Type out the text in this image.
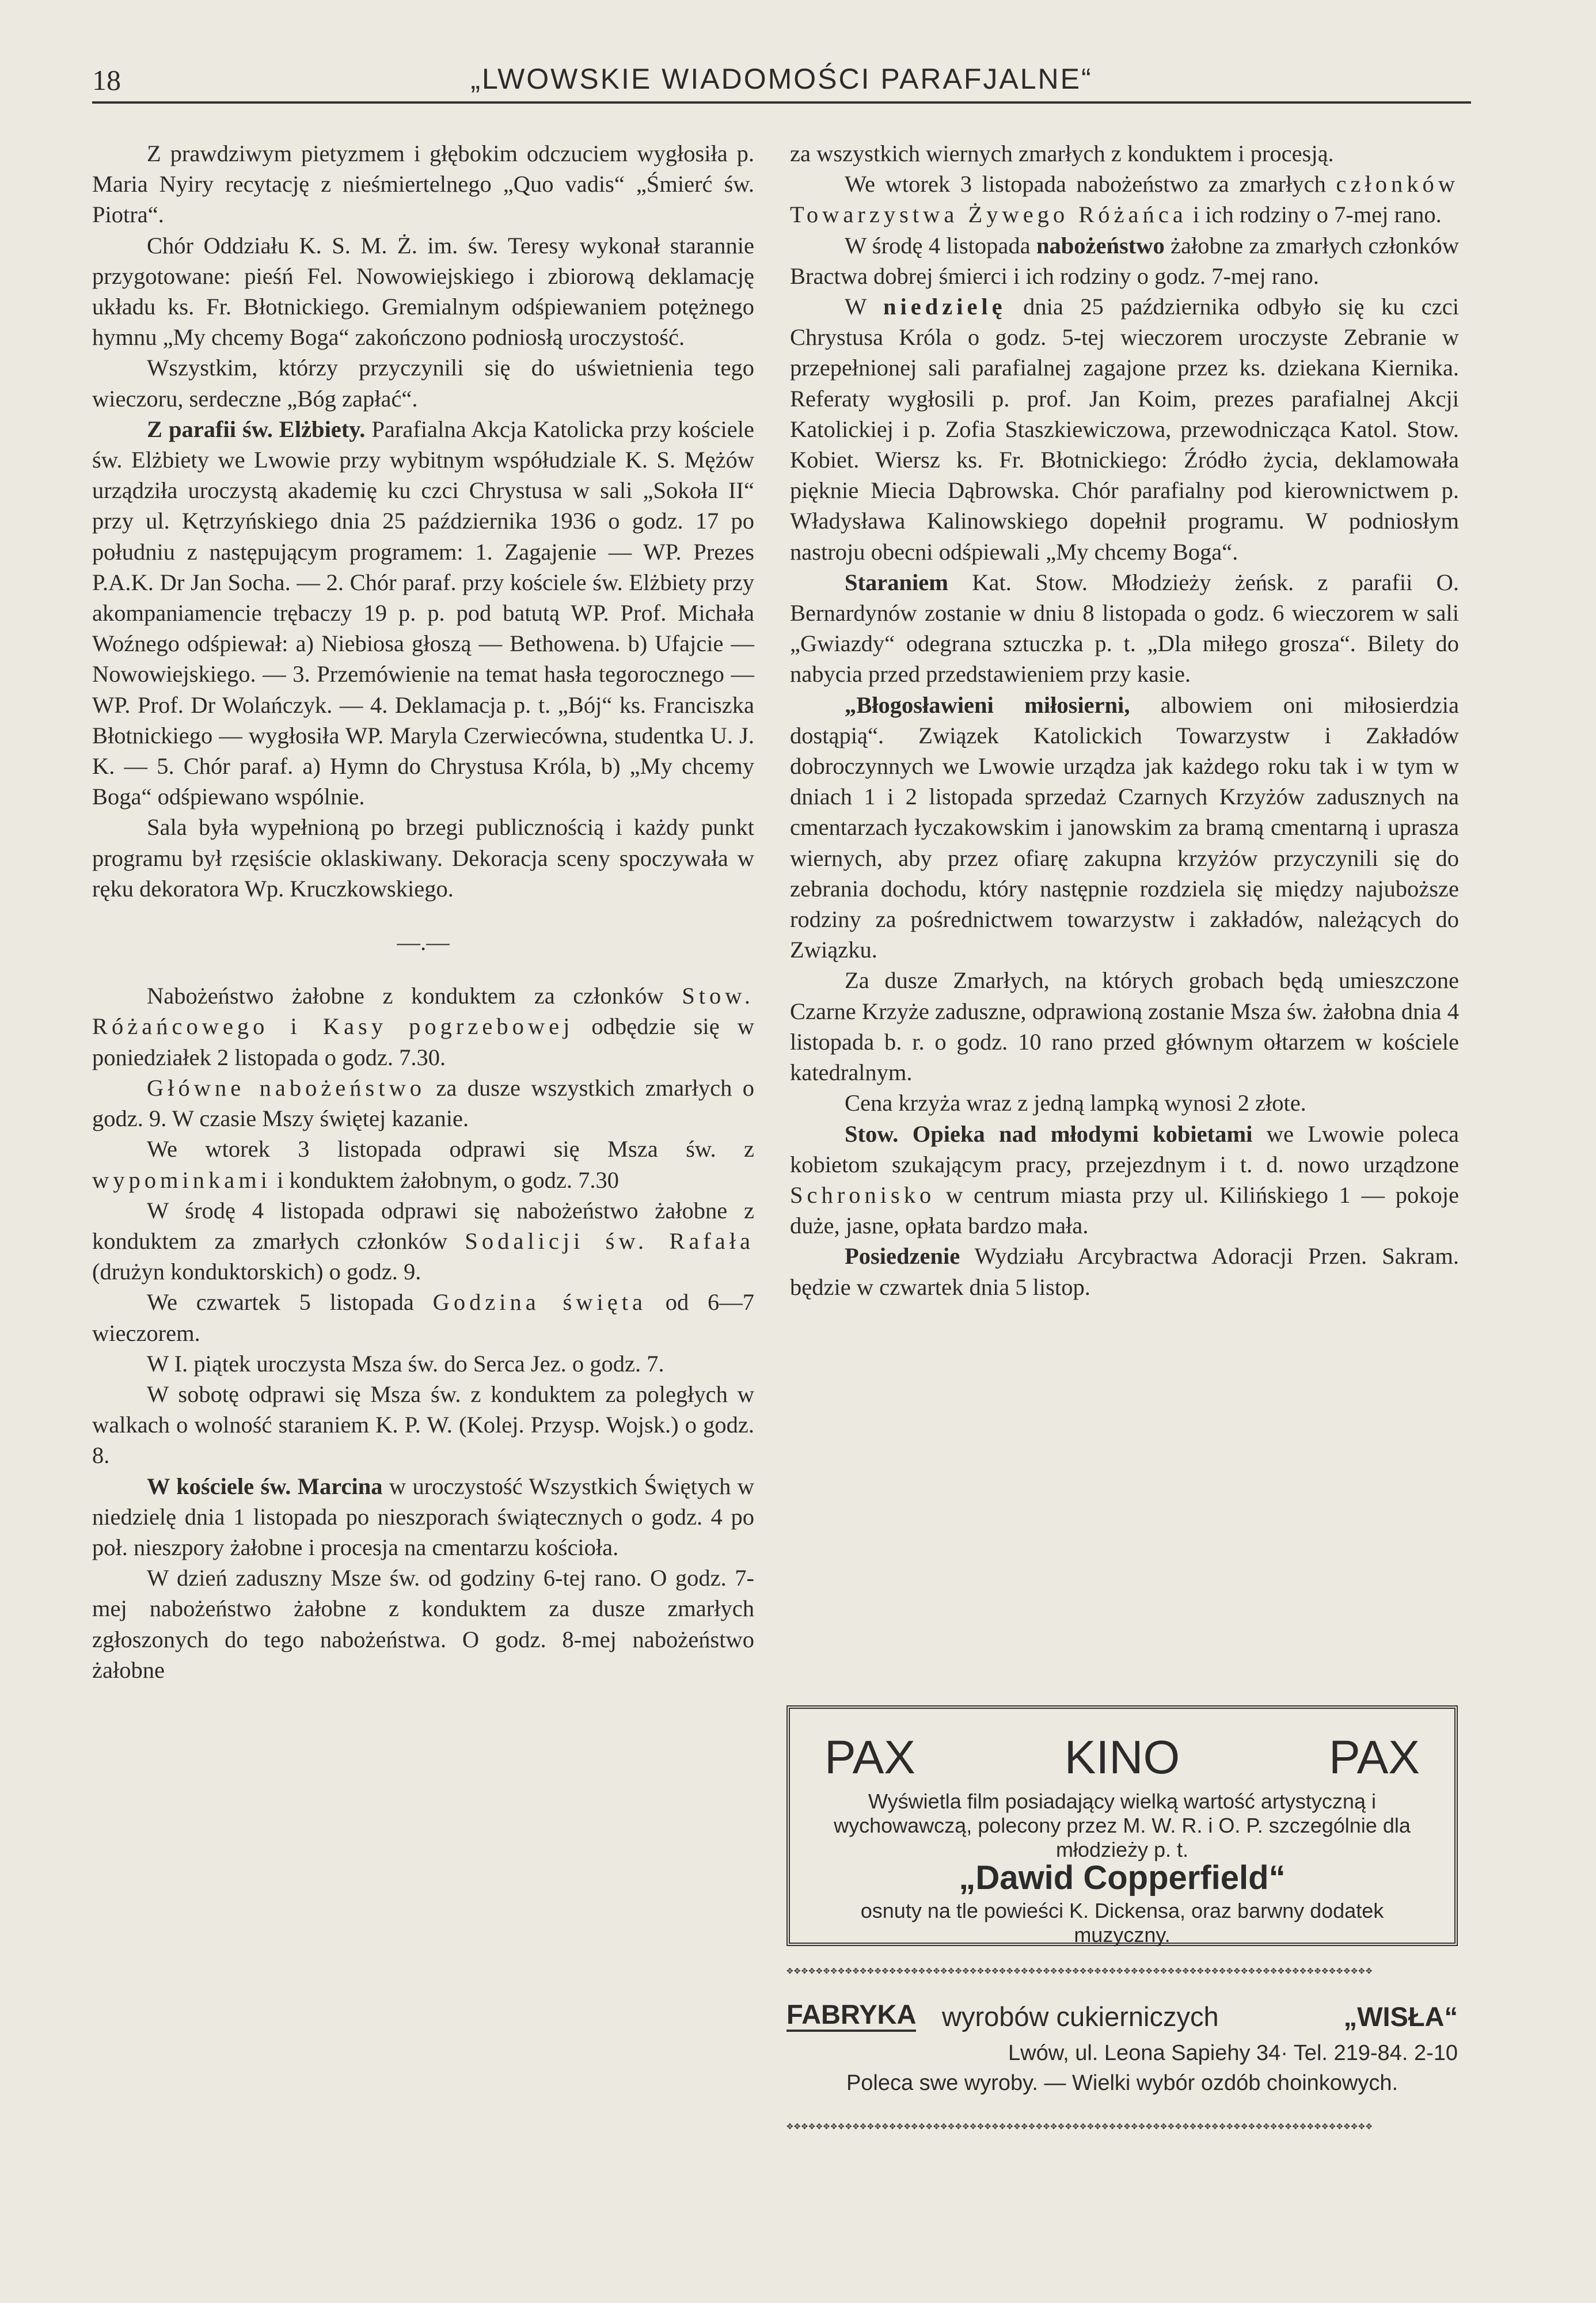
18	„LWOWSKIE WIADOMOŚCI PARAFJALNE“

Z prawdziwym pietyzmem i głębokim odczuciem wygłosiła p. Maria Nyiry recytację z nieśmiertelnego „Quo vadis“ „Śmierć św. Piotra“.

Chór Oddziału K. S. M. Ż. im. św. Teresy wykonał starannie przygotowane: pieśń Fel. Nowowiejskiego i zbiorową deklamację układu ks. Fr. Błotnickiego. Gremialnym odśpiewaniem potężnego hymnu „My chcemy Boga“ zakończono podniosłą uroczystość.

Wszystkim, którzy przyczynili się do uświetnienia tego wieczoru, serdeczne „Bóg zapłać“.

Z parafii św. Elżbiety. Parafialna Akcja Katolicka przy kościele św. Elżbiety we Lwowie przy wybitnym współudziale K. S. Mężów urządziła uroczystą akademię ku czci Chrystusa w sali „Sokoła II“ przy ul. Kętrzyńskiego dnia 25 października 1936 o godz. 17 po południu z następującym programem: 1. Zagajenie — WP. Prezes P.A.K. Dr Jan Socha. — 2. Chór paraf. przy kościele św. Elżbiety przy akompaniamencie trębaczy 19 p. p. pod batutą WP. Prof. Michała Woźnego odśpiewał: a) Niebiosa głoszą — Bethowena. b) Ufajcie — Nowowiejskiego. — 3. Przemówienie na temat hasła tegorocznego — WP. Prof. Dr Wolańczyk. — 4. Deklamacja p. t. „Bój“ ks. Franciszka Błotnickiego — wygłosiła WP. Maryla Czerwiecówna, studentka U. J. K. — 5. Chór paraf. a) Hymn do Chrystusa Króla, b) „My chcemy Boga“ odśpiewano wspólnie.

Sala była wypełnioną po brzegi publicznością i każdy punkt programu był rzęsiście oklaskiwany. Dekoracja sceny spoczywała w ręku dekoratora Wp. Kruczkowskiego.

—.—

Nabożeństwo żałobne z konduktem za członków Stow. Różańcowego i Kasy pogrzebowej odbędzie się w poniedziałek 2 listopada o godz. 7.30.

Główne nabożeństwo za dusze wszystkich zmarłych o godz. 9. W czasie Mszy świętej kazanie.

We wtorek 3 listopada odprawi się Msza św. z wypominkami i konduktem żałobnym, o godz. 7.30

W środę 4 listopada odprawi się nabożeństwo żałobne z konduktem za zmarłych członków Sodalicji św. Rafała (drużyn konduktorskich) o godz. 9.

We czwartek 5 listopada Godzina święta od 6—7 wieczorem.

W I. piątek uroczysta Msza św. do Serca Jez. o godz. 7.

W sobotę odprawi się Msza św. z konduktem za poległych w walkach o wolność staraniem K. P. W. (Kolej. Przysp. Wojsk.) o godz. 8.

W kościele św. Marcina w uroczystość Wszystkich Świętych w niedzielę dnia 1 listopada po nieszporach świątecznych o godz. 4 po poł. nieszpory żałobne i procesja na cmentarzu kościoła.

W dzień zaduszny Msze św. od godziny 6-tej rano. O godz. 7-mej nabożeństwo żałobne z konduktem za dusze zmarłych zgłoszonych do tego nabożeństwa. O godz. 8-mej nabożeństwo żałobne

za wszystkich wiernych zmarłych z konduktem i procesją.

We wtorek 3 listopada nabożeństwo za zmarłych członków Towarzystwa Żywego Różańca i ich rodziny o 7-mej rano.

W środę 4 listopada nabożeństwo żałobne za zmarłych członków Bractwa dobrej śmierci i ich rodziny o godz. 7-mej rano.

W niedzielę dnia 25 października odbyło się ku czci Chrystusa Króla o godz. 5-tej wieczorem uroczyste Zebranie w przepełnionej sali parafialnej zagajone przez ks. dziekana Kiernika. Referaty wygłosili p. prof. Jan Koim, prezes parafialnej Akcji Katolickiej i p. Zofia Staszkiewiczowa, przewodnicząca Katol. Stow. Kobiet. Wiersz ks. Fr. Błotnickiego: Źródło życia, deklamowała pięknie Miecia Dąbrowska. Chór parafialny pod kierownictwem p. Władysława Kalinowskiego dopełnił programu. W podniosłym nastroju obecni odśpiewali „My chcemy Boga“.

Staraniem Kat. Stow. Młodzieży żeńsk. z parafii O. Bernardynów zostanie w dniu 8 listopada o godz. 6 wieczorem w sali „Gwiazdy“ odegrana sztuczka p. t. „Dla miłego grosza“. Bilety do nabycia przed przedstawieniem przy kasie.

„Błogosławieni miłosierni, albowiem oni miłosierdzia dostąpią“. Związek Katolickich Towarzystw i Zakładów dobroczynnych we Lwowie urządza jak każdego roku tak i w tym w dniach 1 i 2 listopada sprzedaż Czarnych Krzyżów zadusznych na cmentarzach łyczakowskim i janowskim za bramą cmentarną i uprasza wiernych, aby przez ofiarę zakupna krzyżów przyczynili się do zebrania dochodu, który następnie rozdziela się między najuboższe rodziny za pośrednictwem towarzystw i zakładów, należących do Związku.

Za dusze Zmarłych, na których grobach będą umieszczone Czarne Krzyże zaduszne, odprawioną zostanie Msza św. żałobna dnia 4 listopada b. r. o godz. 10 rano przed głównym ołtarzem w kościele katedralnym.

Cena krzyża wraz z jedną lampką wynosi 2 złote.

Stow. Opieka nad młodymi kobietami we Lwowie poleca kobietom szukającym pracy, przejezdnym i t. d. nowo urządzone Schronisko w centrum miasta przy ul. Kilińskiego 1 — pokoje duże, jasne, opłata bardzo mała.

Posiedzenie Wydziału Arcybractwa Adoracji Przen. Sakram. będzie w czwartek dnia 5 listop.

PAX	KINO	PAX
Wyświetla film posiadający wielką wartość artystyczną i wychowawczą, polecony przez M. W. R. i O. P. szczególnie dla młodzieży p. t.
„Dawid Copperfield“
osnuty na tle powieści K. Dickensa, oraz barwny dodatek muzyczny.
✥✥✥✥✥✥✥✥✥✥✥✥✥✥✥✥✥✥✥✥✥✥✥✥✥✥✥✥✥✥✥✥✥✥✥✥✥✥✥✥✥✥✥✥✥✥✥✥✥✥✥✥✥✥✥✥✥✥✥✥✥✥✥✥✥✥✥✥✥✥✥✥✥✥✥✥✥✥✥✥
FABRYKA wyrobów cukierniczych	„WISŁA“
Lwów, ul. Leona Sapiehy 34· Tel. 219-84. 2-10
Poleca swe wyroby. — Wielki wybór ozdób choinkowych.
✥✥✥✥✥✥✥✥✥✥✥✥✥✥✥✥✥✥✥✥✥✥✥✥✥✥✥✥✥✥✥✥✥✥✥✥✥✥✥✥✥✥✥✥✥✥✥✥✥✥✥✥✥✥✥✥✥✥✥✥✥✥✥✥✥✥✥✥✥✥✥✥✥✥✥✥✥✥✥✥
